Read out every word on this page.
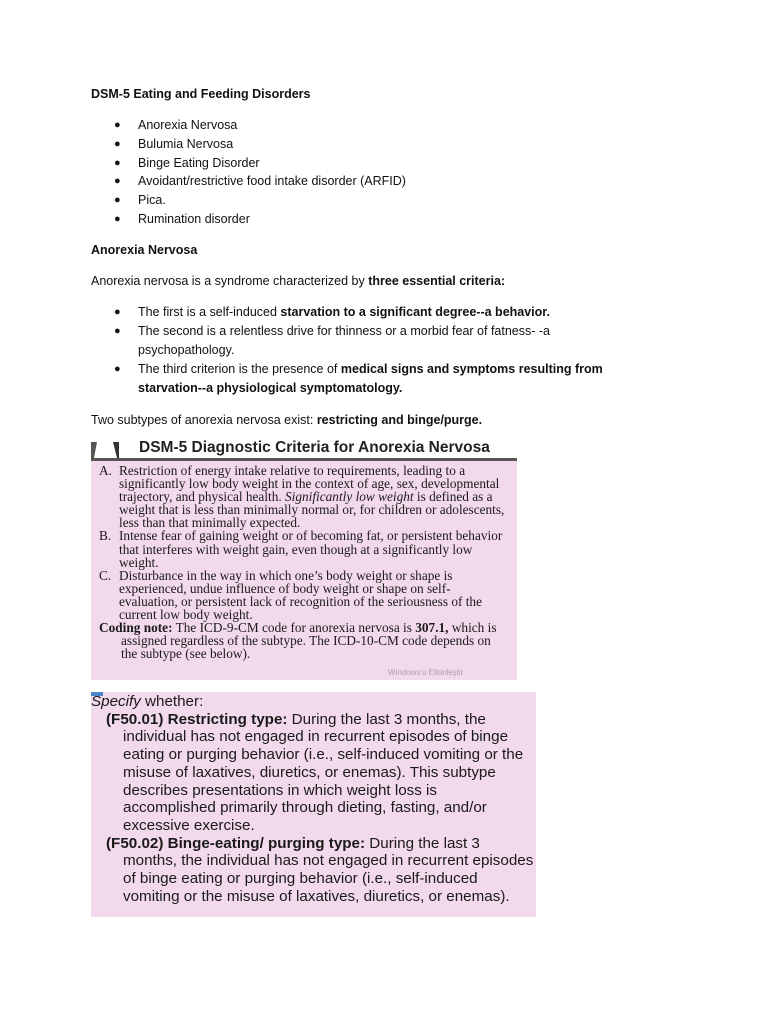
DSM-5 Eating and Feeding Disorders
● Anorexia Nervosa
● Bulumia Nervosa
● Binge Eating Disorder
● Avoidant/restrictive food intake disorder (ARFID)
● Pica.
● Rumination disorder
Anorexia Nervosa
Anorexia nervosa is a syndrome characterized by three essential criteria:
● The first is a self-induced starvation to a significant degree--a behavior.
● The second is a relentless drive for thinness or a morbid fear of fatness- -a psychopathology.
● The third criterion is the presence of medical signs and symptoms resulting from starvation--a physiological symptomatology.
Two subtypes of anorexia nervosa exist: restricting and binge/purge.
DSM-5 Diagnostic Criteria for Anorexia Nervosa
A. Restriction of energy intake relative to requirements, leading to a significantly low body weight in the context of age, sex, developmental trajectory, and physical health. Significantly low weight is defined as a weight that is less than minimally normal or, for children or adolescents, less than that minimally expected.
B. Intense fear of gaining weight or of becoming fat, or persistent behavior that interferes with weight gain, even though at a significantly low weight.
C. Disturbance in the way in which one’s body weight or shape is experienced, undue influence of body weight or shape on self-evaluation, or persistent lack of recognition of the seriousness of the current low body weight.
Coding note: The ICD-9-CM code for anorexia nervosa is 307.1, which is assigned regardless of the subtype. The ICD-10-CM code depends on the subtype (see below).
Windows'u Etkinleştir
Specify whether:
(F50.01) Restricting type: During the last 3 months, the individual has not engaged in recurrent episodes of binge eating or purging behavior (i.e., self-induced vomiting or the misuse of laxatives, diuretics, or enemas). This subtype describes presentations in which weight loss is accomplished primarily through dieting, fasting, and/or excessive exercise.
(F50.02) Binge-eating/ purging type: During the last 3 months, the individual has not engaged in recurrent episodes of binge eating or purging behavior (i.e., self-induced vomiting or the misuse of laxatives, diuretics, or enemas).
